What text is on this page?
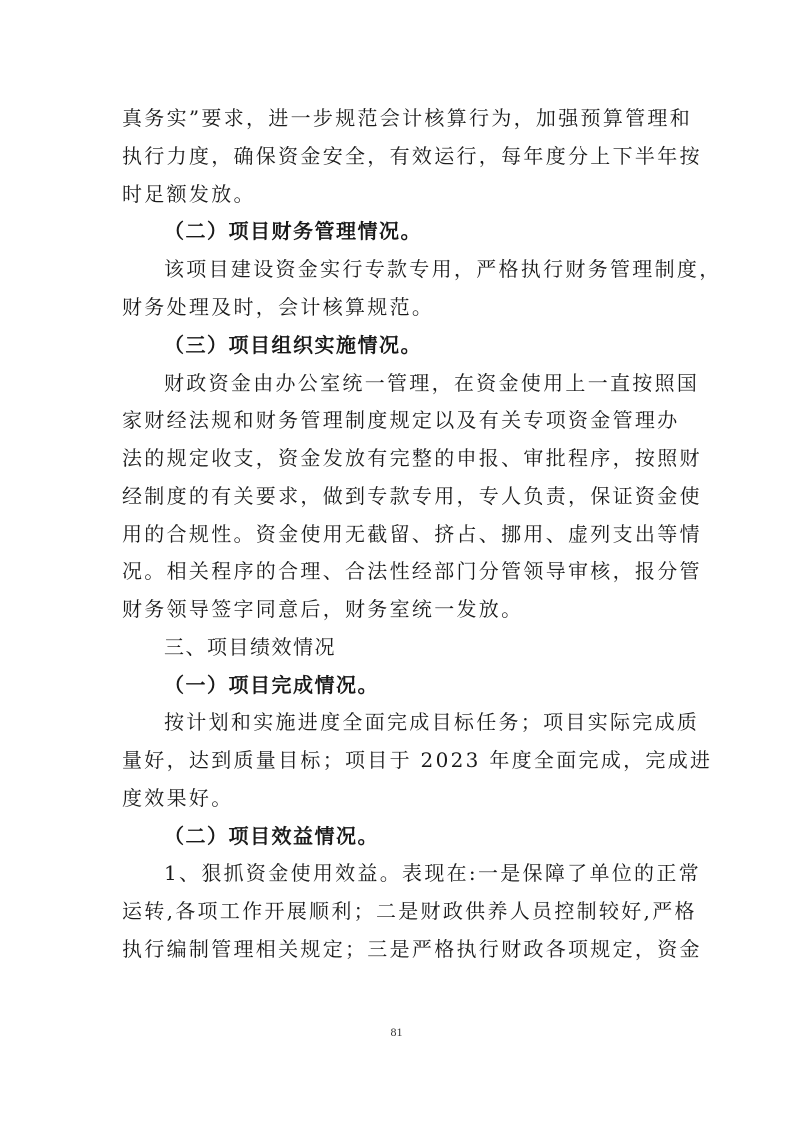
真务实”要求，进一步规范会计核算行为，加强预算管理和
执行力度，确保资金安全，有效运行，每年度分上下半年按
时足额发放。
（二）项目财务管理情况。
该项目建设资金实行专款专用，严格执行财务管理制度，
财务处理及时，会计核算规范。
（三）项目组织实施情况。
财政资金由办公室统一管理，在资金使用上一直按照国
家财经法规和财务管理制度规定以及有关专项资金管理办
法的规定收支，资金发放有完整的申报、审批程序，按照财
经制度的有关要求，做到专款专用，专人负责，保证资金使
用的合规性。资金使用无截留、挤占、挪用、虚列支出等情
况。相关程序的合理、合法性经部门分管领导审核，报分管
财务领导签字同意后，财务室统一发放。
三、项目绩效情况
（一）项目完成情况。
按计划和实施进度全面完成目标任务；项目实际完成质
量好，达到质量目标；项目于 2023 年度全面完成，完成进
度效果好。
（二）项目效益情况。
1、狠抓资金使用效益。表现在:一是保障了单位的正常
运转,各项工作开展顺利；二是财政供养人员控制较好,严格
执行编制管理相关规定；三是严格执行财政各项规定，资金
81
